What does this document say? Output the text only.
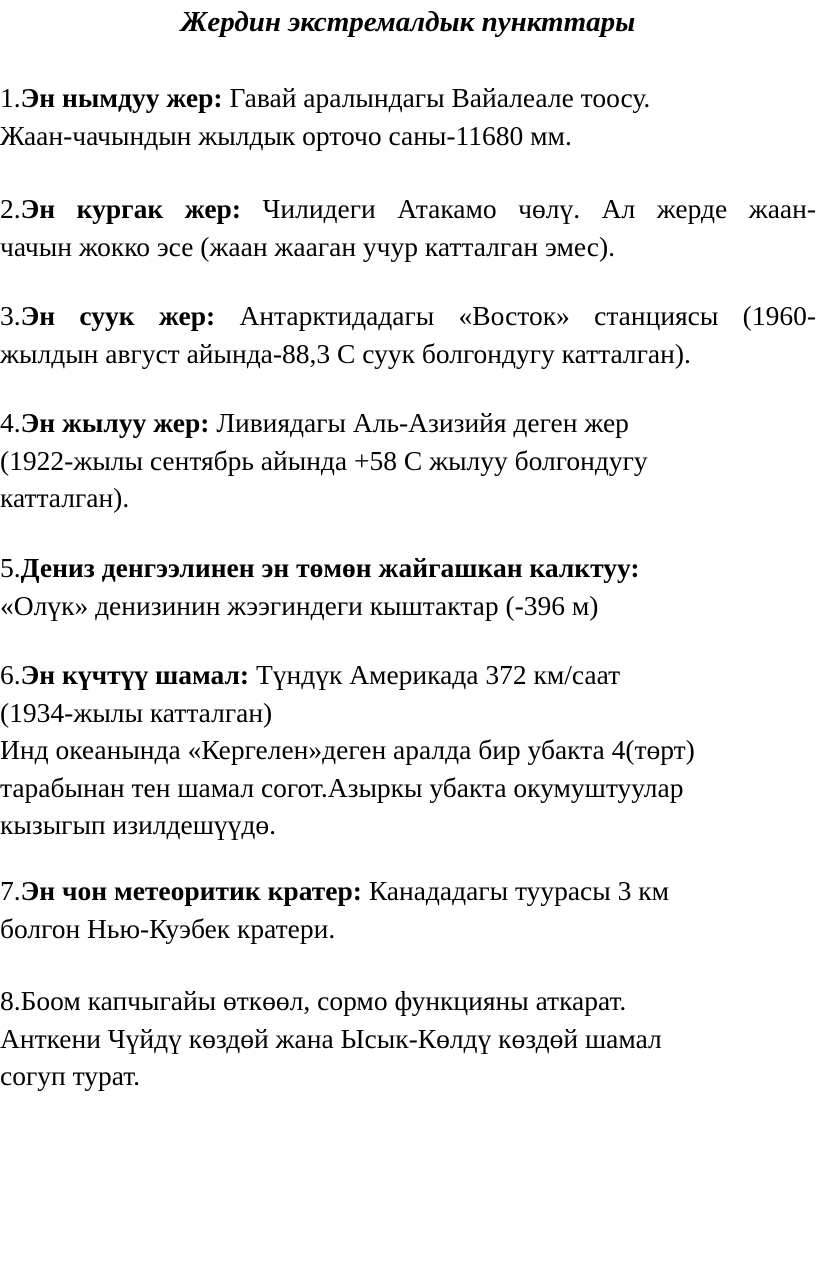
Жердин экстремалдык пункттары
1.Эн нымдуу жер: Гавай аралындагы Вайалеале тоосу.
Жаан-чачындын жылдык орточо саны-11680 мм.
2.Эн кургак жер: Чилидеги Атакамо чөлү. Ал жерде жаан-
чачын жокко эсе (жаан жааган учур катталган эмес).
3.Эн суук жер: Антарктидадагы «Восток» станциясы (1960-
жылдын август айында-88,3 С суук болгондугу катталган).
4.Эн жылуу жер: Ливиядагы Аль-Азизийя деген жер
(1922-жылы сентябрь айында +58 С жылуу болгондугу
катталган).
5.Дениз денгээлинен эн төмөн жайгашкан калктуу:
«Олүк» денизинин жээгиндеги кыштактар (-396 м)
6.Эн күчтүү шамал: Түндүк Америкада 372 км/саат
(1934-жылы катталган)
Инд океанында «Кергелен»деген аралда бир убакта 4(төрт)
тарабынан тен шамал согот.Азыркы убакта окумуштуулар
кызыгып изилдешүүдө.
7.Эн чон метеоритик кратер: Канададагы туурасы 3 км
болгон Нью-Куэбек кратери.
8.Боом капчыгайы өткөөл, сормо функцияны аткарат.
Анткени Чүйдү көздөй жана Ысык-Көлдү көздөй шамал
согуп турат.
